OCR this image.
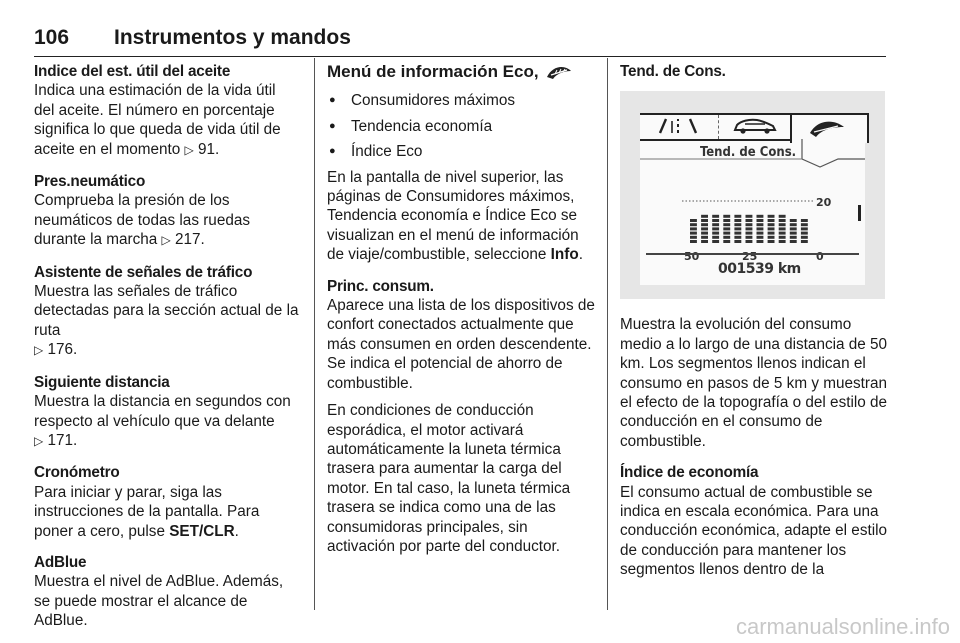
106 Instrumentos y mandos
Indice del est. útil del aceite

Indica una estimación de la vida útil del aceite. El número en porcentaje significa lo que queda de vida útil de aceite en el momento ▷ 91.

Pres.neumático

Comprueba la presión de los neumáticos de todas las ruedas durante la marcha ▷ 217.

Asistente de señales de tráfico

Muestra las señales de tráfico detectadas para la sección actual de la ruta
▷ 176.

Siguiente distancia

Muestra la distancia en segundos con respecto al vehículo que va delante
▷ 171.

Cronómetro

Para iniciar y parar, siga las instrucciones de la pantalla. Para poner a cero, pulse SET/CLR.

AdBlue

Muestra el nivel de AdBlue. Además, se puede mostrar el alcance de AdBlue.

Menú de información Eco,
● Consumidores máximos
● Tendencia economía
● Índice Eco

En la pantalla de nivel superior, las páginas de Consumidores máximos, Tendencia economía e Índice Eco se visualizan en el menú de información de viaje/combustible, seleccione Info.

Princ. consum.

Aparece una lista de los dispositivos de confort conectados actualmente que más consumen en orden descendente. Se indica el potencial de ahorro de combustible.

En condiciones de conducción esporádica, el motor activará automáticamente la luneta térmica trasera para aumentar la carga del motor. En tal caso, la luneta térmica trasera se indica como una de las consumidoras principales, sin activación por parte del conductor.

Tend. de Cons.
Tend. de Cons.
20
50	25	0
001539 km

Muestra la evolución del consumo medio a lo largo de una distancia de 50 km. Los segmentos llenos indican el consumo en pasos de 5 km y muestran el efecto de la topografía o del estilo de conducción en el consumo de combustible.

Índice de economía

El consumo actual de combustible se indica en escala económica. Para una conducción económica, adapte el estilo de conducción para mantener los segmentos llenos dentro de la

carmanualsonline.info
